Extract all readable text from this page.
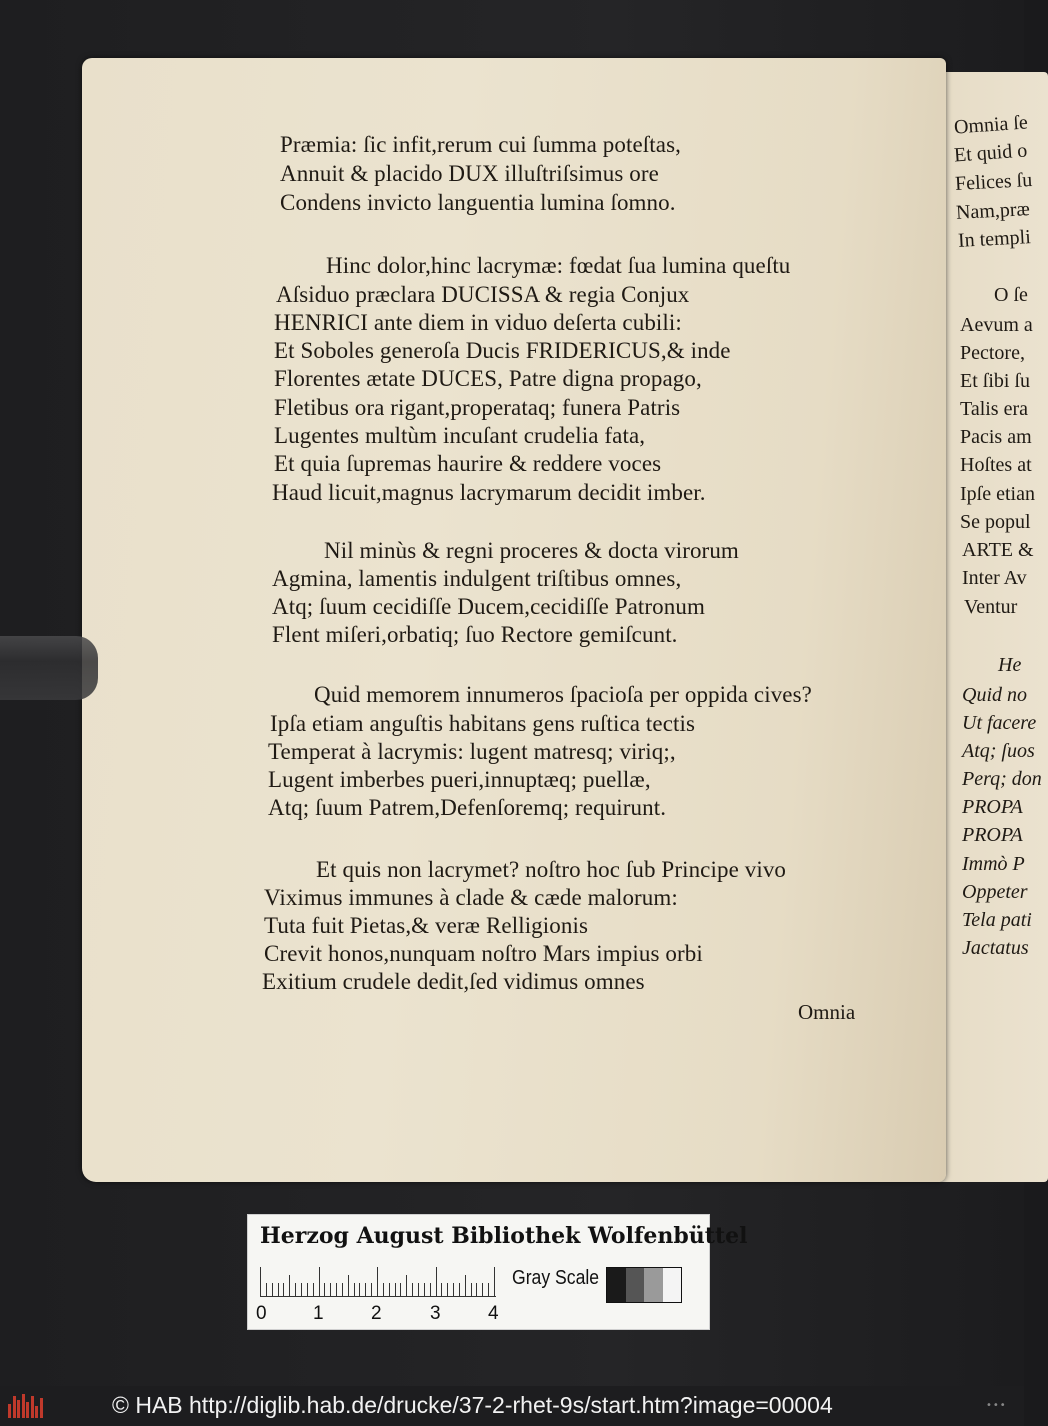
Præmia: ſic infit,rerum cui ſumma poteſtas,
Annuit & placido DUX illuſtriſsimus ore
Condens invicto languentia lumina ſomno.
Hinc dolor,hinc lacrymæ: fœdat ſua lumina queſtu
Aſsiduo præclara DUCISSA & regia Conjux
HENRICI ante diem in viduo deſerta cubili:
Et Soboles generoſa Ducis FRIDERICUS,& inde
Florentes ætate DUCES, Patre digna propago,
Fletibus ora rigant,properataq; funera Patris
Lugentes multùm incuſant crudelia fata,
Et quia ſupremas haurire & reddere voces
Haud licuit,magnus lacrymarum decidit imber.
Nil minùs & regni proceres & docta virorum
Agmina, lamentis indulgent triſtibus omnes,
Atq; ſuum cecidiſſe Ducem,cecidiſſe Patronum
Flent miſeri,orbatiq; ſuo Rectore gemiſcunt.
Quid memorem innumeros ſpacioſa per oppida cives?
Ipſa etiam anguſtis habitans gens ruſtica tectis
Temperat à lacrymis: lugent matresq; viriq;,
Lugent imberbes pueri,innuptæq; puellæ,
Atq; ſuum Patrem,Defenſoremq; requirunt.
Et quis non lacrymet? noſtro hoc ſub Principe vivo
Viximus immunes à clade & cæde malorum:
Tuta fuit Pietas,& veræ Relligionis
Crevit honos,nunquam noſtro Mars impius orbi
Exitium crudele dedit,ſed vidimus omnes
Omnia
Omnia ſe
Et quid o
Felices ſu
Nam,præ
In templi
O ſe
Aevum a
Pectore,
Et ſibi ſu
Talis era
Pacis am
Hoſtes at
Ipſe etian
Se popul
ARTE &
Inter Av
Ventur
He
Quid no
Ut facere
Atq; ſuos
Perq; don
PROPA
PROPA
Immò P
Oppeter
Tela pati
Jactatus
Herzog August Bibliothek Wolfenbüttel
0 1 2	3 4
Gray Scale
© HAB http://diglib.hab.de/drucke/37-2-rhet-9s/start.htm?image=00004	•••
